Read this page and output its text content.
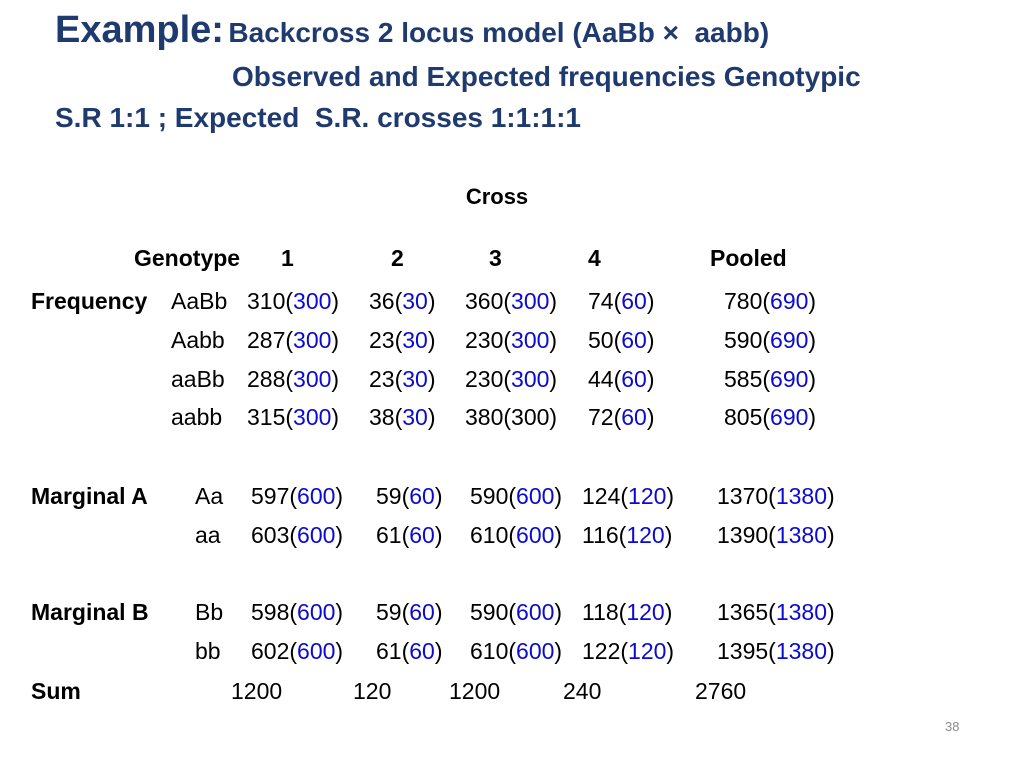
Example: Backcross 2 locus model (AaBb ×  aabb)
Observed and Expected frequencies Genotypic
S.R 1:1 ; Expected  S.R. crosses 1:1:1:1
Cross
Genotype 1	2	3	4	Pooled
Frequency AaBb 310(300) 36(30) 360(300) 74(60)	780(690)
Aabb 287(300) 23(30) 230(300) 50(60)	590(690)
aaBb 288(300) 23(30) 230(300) 44(60)	585(690)
aabb 315(300) 38(30) 380(300) 72(60)	805(690)
Marginal A Aa 597(600) 59(60) 590(600) 124(120) 1370(1380)
aa 603(600) 61(60) 610(600) 116(120) 1390(1380)
Marginal B Bb 598(600) 59(60) 590(600) 118(120) 1365(1380)
bb 602(600) 61(60) 610(600) 122(120) 1395(1380)
Sum	1200	120	1200	240	2760
38
